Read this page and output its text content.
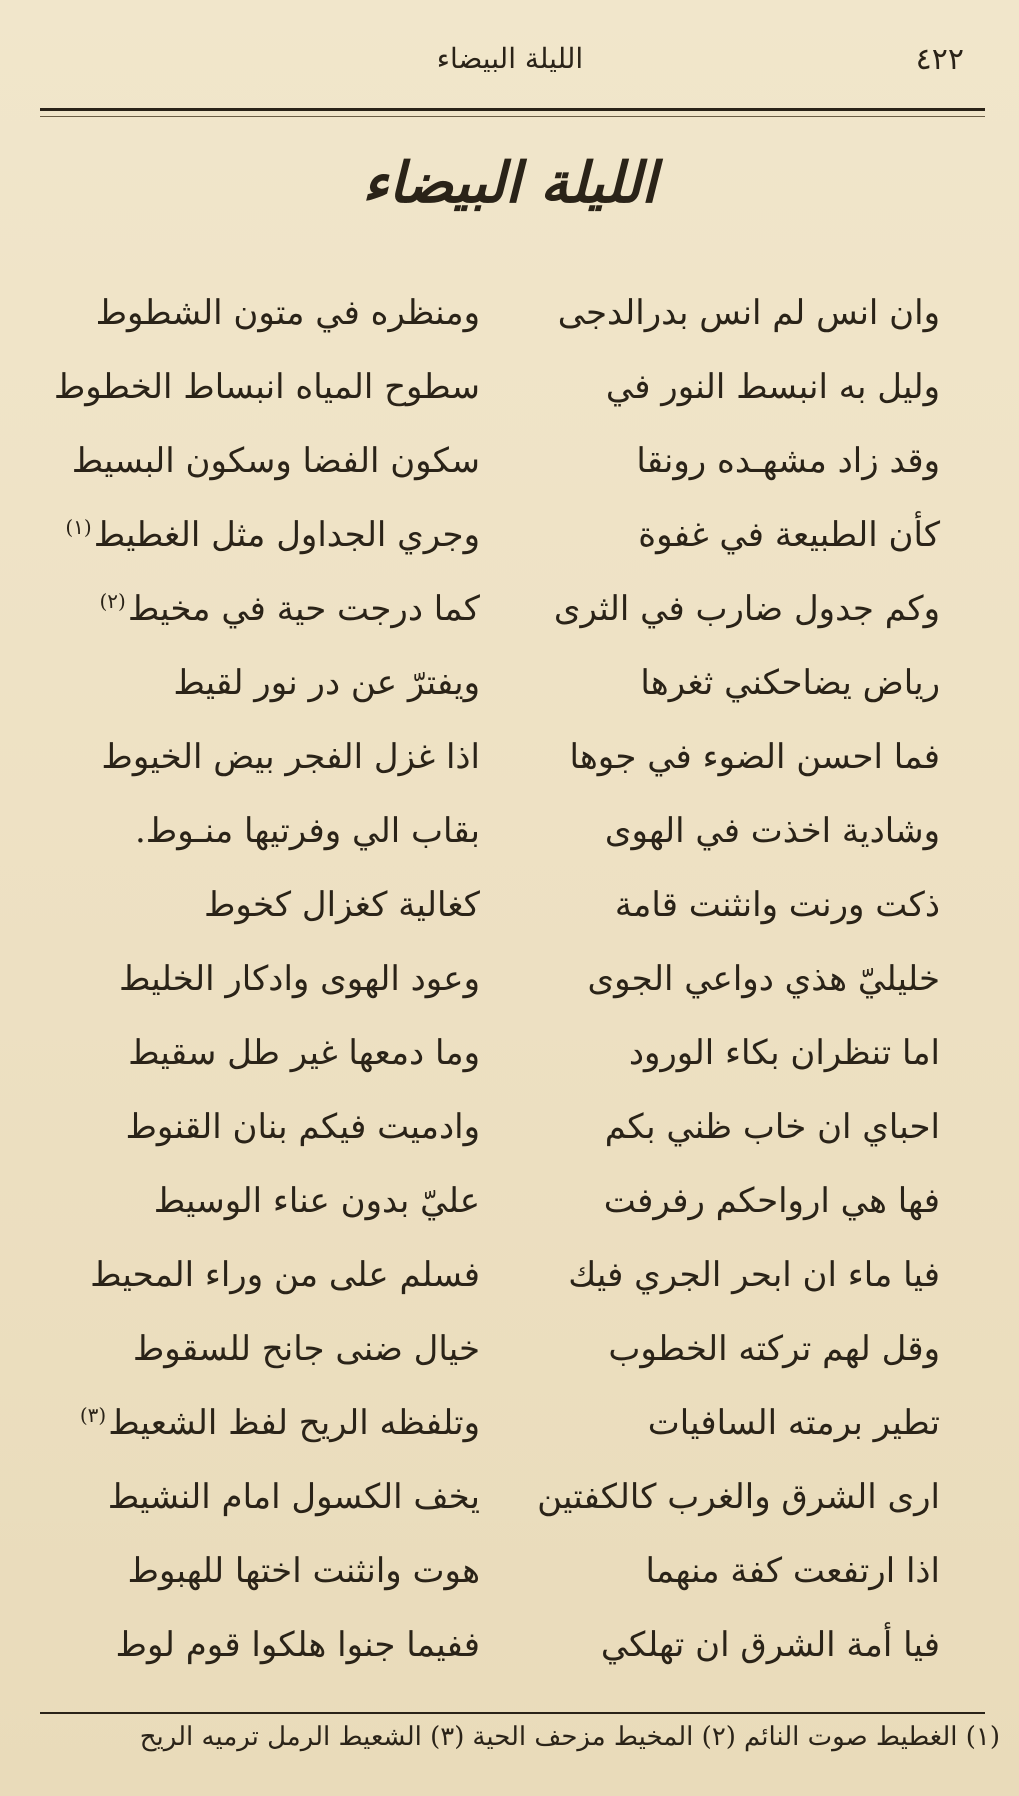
٤٢٢
الليلة البيضاء
الليلة البيضاء
وان انس لم انس بدرالدجى
ومنظره في متون الشطوط
وليل به انبسط النور في
سطوح المياه انبساط الخطوط
وقد زاد مشهـده رونقا
سكون الفضا وسكون البسيط
كأن الطبيعة في غفوة
وجري الجداول مثل الغطيط$^{(١)}$
وكم جدول ضارب في الثرى
كما درجت حية في مخيط$^{(٢)}$
رياض يضاحكني ثغرها
ويفترّ عن در نور لقيط
فما احسن الضوء في جوها
اذا غزل الفجر بيض الخيوط
وشادية اخذت في الهوى
بقاب الي وفرتيها منـوط.
ذكت ورنت وانثنت قامة
كغالية كغزال كخوط
خليليّ هذي دواعي الجوى
وعود الهوى وادكار الخليط
اما تنظران بكاء الورود
وما دمعها غير طل سقيط
احباي ان خاب ظني بكم
وادميت فيكم بنان القنوط
فها هي ارواحكم رفرفت
عليّ بدون عناء الوسيط
فيا ماء ان ابحر الجري فيك
فسلم على من وراء المحيط
وقل لهم تركته الخطوب
خيال ضنى جانح للسقوط
تطير برمته السافيات
وتلفظه الريح لفظ الشعيط$^{(٣)}$
ارى الشرق والغرب كالكفتين
يخف الكسول امام النشيط
اذا ارتفعت كفة منهما
هوت وانثنت اختها للهبوط
فيا أمة الشرق ان تهلكي
ففيما جنوا هلكوا قوم لوط
(١) الغطيط صوت النائم(٢) المخيط مزحف الحية(٣) الشعيط الرمل ترميه الريح
